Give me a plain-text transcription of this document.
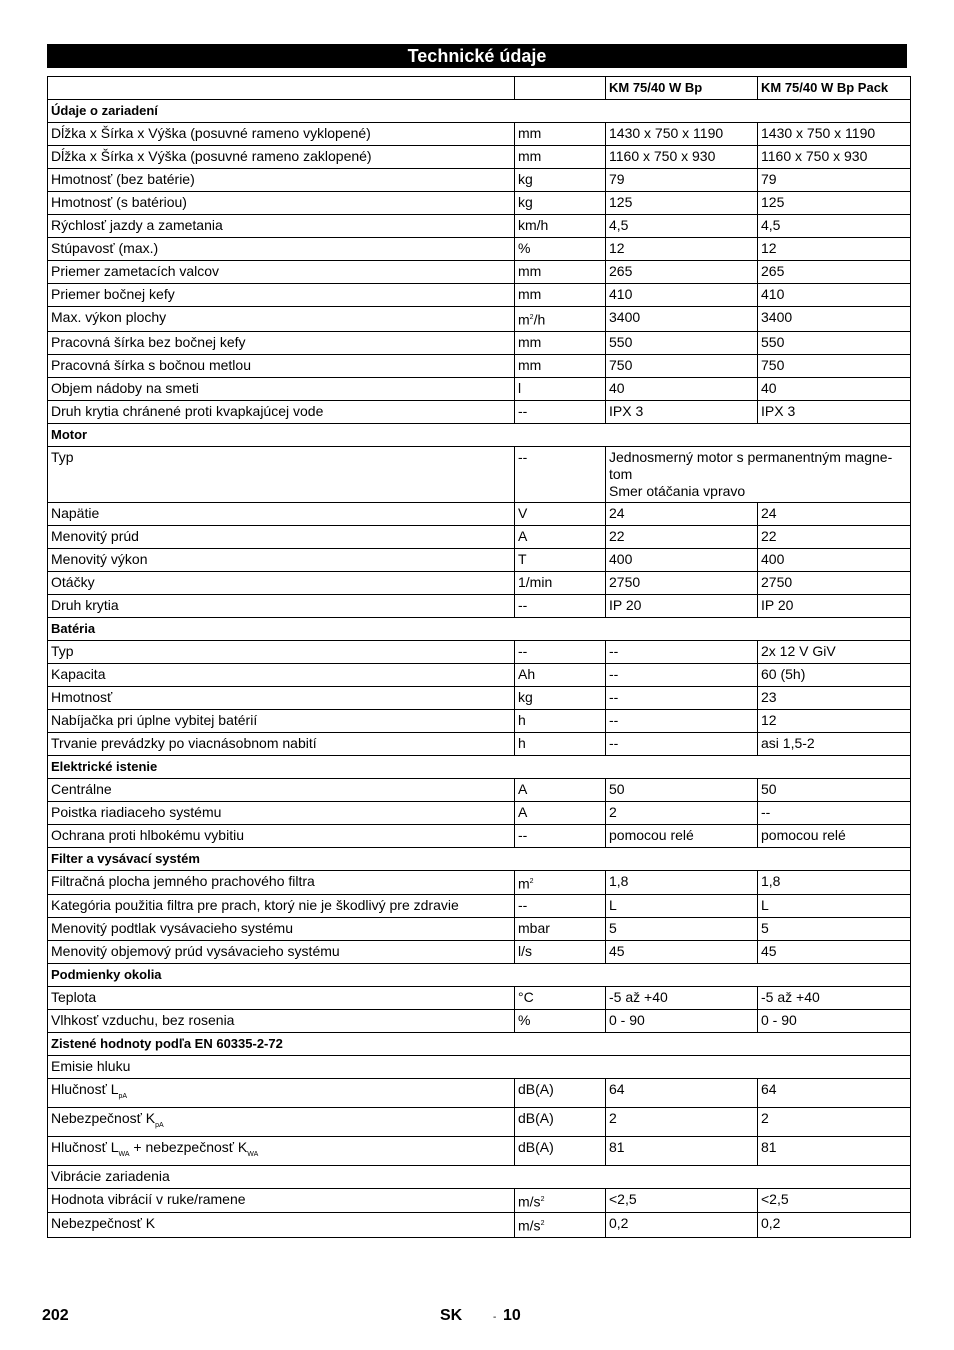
Technické údaje
		KM 75/40 W Bp	KM 75/40 W Bp Pack
Údaje o zariadení			
Dĺžka x Šírka x Výška (posuvné rameno vyklopené)	mm	1430 x 750 x 1190	1430 x 750 x 1190
Dĺžka x Šírka x Výška (posuvné rameno zaklopené)	mm	1160 x 750 x 930	1160 x 750 x 930
Hmotnosť (bez batérie)	kg	79	79
Hmotnosť (s batériou)	kg	125	125
Rýchlosť jazdy a zametania	km/h	4,5	4,5
Stúpavosť (max.)	%	12	12
Priemer zametacích valcov	mm	265	265
Priemer bočnej kefy	mm	410	410
Max. výkon plochy	$m^2/h$	3400	3400
Pracovná šírka bez bočnej kefy	mm	550	550
Pracovná šírka s bočnou metlou	mm	750	750
Objem nádoby na smeti	l	40	40
Druh krytia chránené proti kvapkajúcej vode	--	IPX 3	IPX 3
Motor			
Typ	--	Jednosmerný motor s permanentným magne-
tom
Smer otáčania vpravo	

Napätie	V	24	24
Menovitý prúd	A	22	22
Menovitý výkon	T	400	400
Otáčky	1/min	2750	2750
Druh krytia	--	IP 20	IP 20
Batéria			
Typ	--	--	2x 12 V GiV
Kapacita	Ah	--	60 (5h)
Hmotnosť	kg	--	23
Nabíjačka pri úplne vybitej batérií	h	--	12
Trvanie prevádzky po viacnásobnom nabití	h	--	asi 1,5-2
Elektrické istenie			
Centrálne	A	50	50
Poistka riadiaceho systému	A	2	--
Ochrana proti hlbokému vybitiu	--	pomocou relé	pomocou relé
Filter a vysávací systém			
Filtračná plocha jemného prachového filtra	$m^2$	1,8	1,8
Kategória použitia filtra pre prach, ktorý nie je škodlivý pre zdravie	--	L	L
Menovitý podtlak vysávacieho systému	mbar	5	5
Menovitý objemový prúd vysávacieho systému	l/s	45	45
Podmienky okolia			
Teplota	°C	-5 až +40	-5 až +40
Vlhkosť vzduchu, bez rosenia	%	0 - 90	0 - 90
Zistené hodnoty podľa EN 60335-2-72			
Emisie hluku			
Hlučnosť $L_{pA}$	dB(A)	64	64
Nebezpečnosť $K_{pA}$	dB(A)	2	2
Hlučnosť $L_{WA}$ + nebezpečnosť $K_{WA}$	dB(A)	81	81
Vibrácie zariadenia			
Hodnota vibrácií v ruke/ramene	$m/s^2$	<2,5	<2,5
Nebezpečnosť K	$m/s^2$	0,2	0,2
202	SK	- 10
